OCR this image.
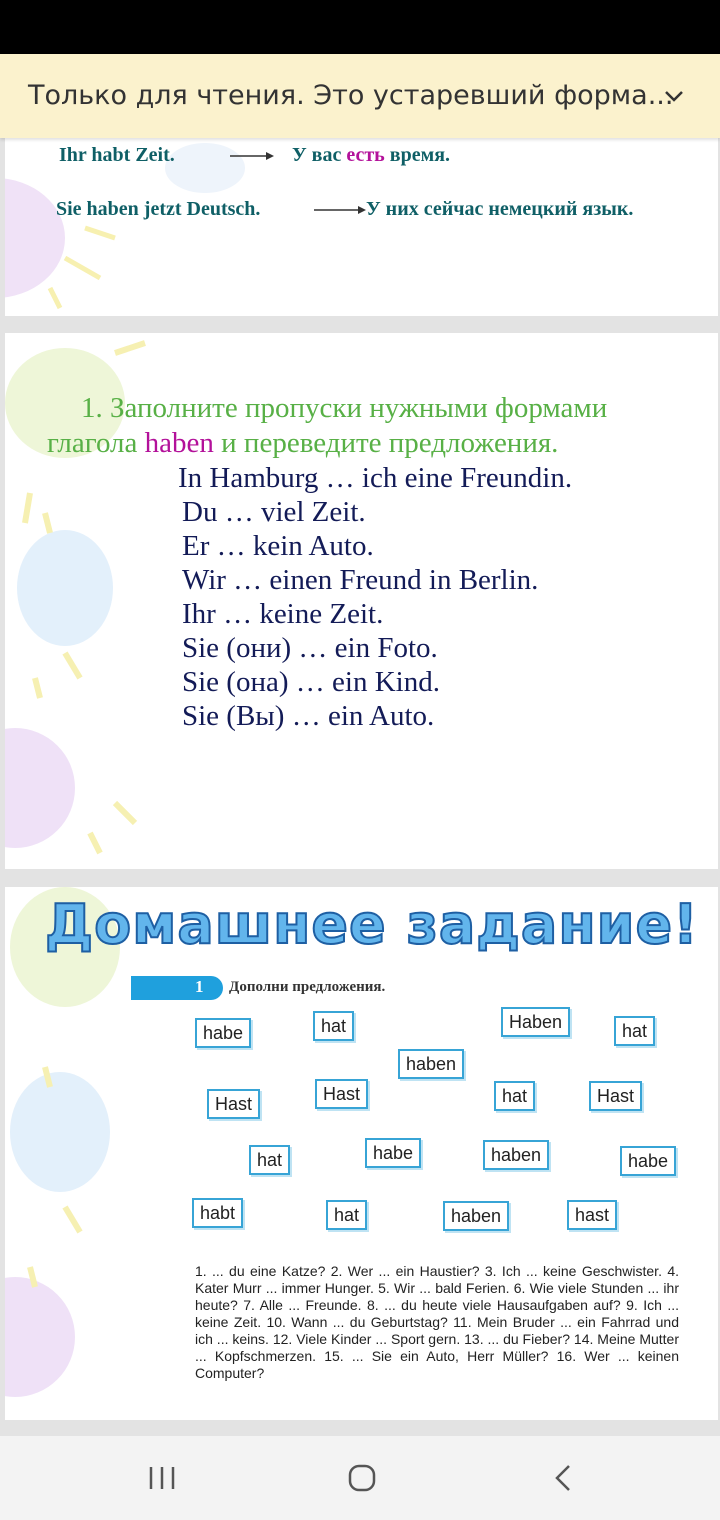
Только для чтения. Это устаревший форма...
Ihr habt Zeit.	У вас есть время.
Sie haben jetzt Deutsch.	У них сейчас немецкий язык.
1. Заполните пропуски нужными формами глагола haben и переведите предложения.
In Hamburg … ich eine Freundin.
Du … viel Zeit.
Er … kein Auto.
Wir … einen Freund in Berlin.
Ihr … keine Zeit.
Sie (они) … ein Foto.
Sie (она) … ein Kind.
Sie (Вы) … ein Auto.
Домашнее задание!
1 Дополни предложения.
habe	hat	Haben	hat
haben
Hast	Hast	hat	Hast
hat	habe	haben	habe
habt	hat	haben	hast
1. ... du eine Katze? 2. Wer ... ein Haustier? 3. Ich ... keine Geschwister. 4. Kater Murr ... immer Hunger. 5. Wir ... bald Ferien. 6. Wie viele Stunden ... ihr heute? 7. Alle ... Freunde. 8. ... du heute viele Hausaufgaben auf? 9. Ich ... keine Zeit. 10. Wann ... du Geburtstag? 11. Mein Bruder ... ein Fahrrad und ich ... keins. 12. Viele Kinder ... Sport gern. 13. ... du Fieber? 14. Meine Mutter ... Kopfschmerzen. 15. ... Sie ein Auto, Herr Müller? 16. Wer ... keinen Computer?
